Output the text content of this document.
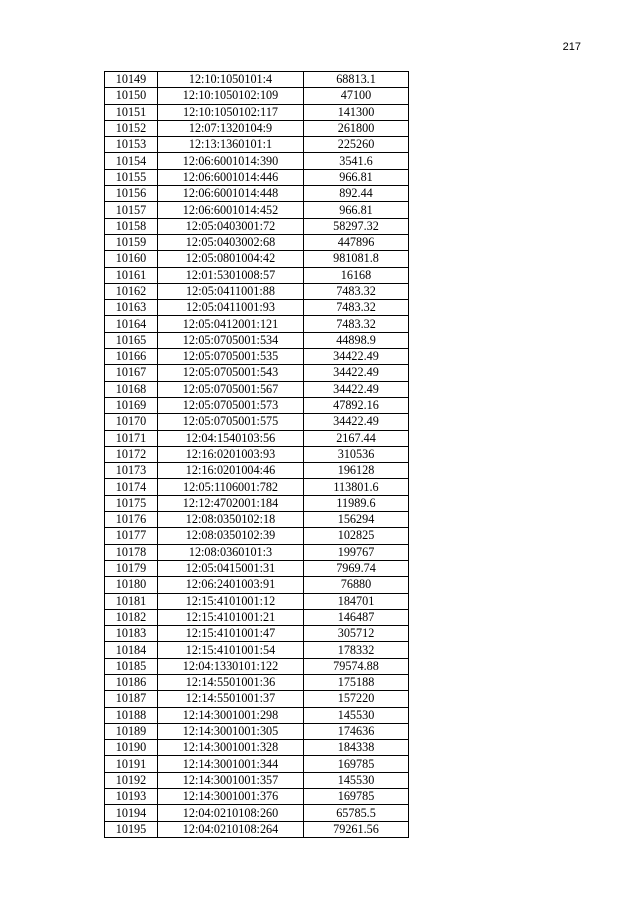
217
10149	12:10:1050101:4	68813.1
10150	12:10:1050102:109	47100
10151	12:10:1050102:117	141300
10152	12:07:1320104:9	261800
10153	12:13:1360101:1	225260
10154	12:06:6001014:390	3541.6
10155	12:06:6001014:446	966.81
10156	12:06:6001014:448	892.44
10157	12:06:6001014:452	966.81
10158	12:05:0403001:72	58297.32
10159	12:05:0403002:68	447896
10160	12:05:0801004:42	981081.8
10161	12:01:5301008:57	16168
10162	12:05:0411001:88	7483.32
10163	12:05:0411001:93	7483.32
10164	12:05:0412001:121	7483.32
10165	12:05:0705001:534	44898.9
10166	12:05:0705001:535	34422.49
10167	12:05:0705001:543	34422.49
10168	12:05:0705001:567	34422.49
10169	12:05:0705001:573	47892.16
10170	12:05:0705001:575	34422.49
10171	12:04:1540103:56	2167.44
10172	12:16:0201003:93	310536
10173	12:16:0201004:46	196128
10174	12:05:1106001:782	113801.6
10175	12:12:4702001:184	11989.6
10176	12:08:0350102:18	156294
10177	12:08:0350102:39	102825
10178	12:08:0360101:3	199767
10179	12:05:0415001:31	7969.74
10180	12:06:2401003:91	76880
10181	12:15:4101001:12	184701
10182	12:15:4101001:21	146487
10183	12:15:4101001:47	305712
10184	12:15:4101001:54	178332
10185	12:04:1330101:122	79574.88
10186	12:14:5501001:36	175188
10187	12:14:5501001:37	157220
10188	12:14:3001001:298	145530
10189	12:14:3001001:305	174636
10190	12:14:3001001:328	184338
10191	12:14:3001001:344	169785
10192	12:14:3001001:357	145530
10193	12:14:3001001:376	169785
10194	12:04:0210108:260	65785.5
10195	12:04:0210108:264	79261.56
